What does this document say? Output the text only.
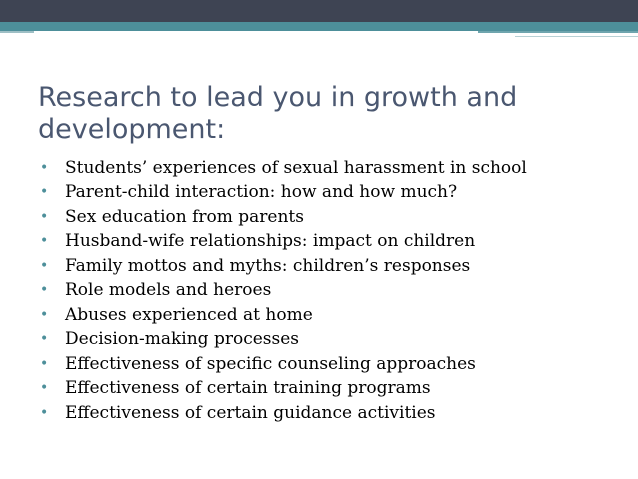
Research to lead you in growth and development:
• Students’ experiences of sexual harassment in school
• Parent-child interaction: how and how much?
• Sex education from parents
• Husband-wife relationships: impact on children
• Family mottos and myths: children’s responses
• Role models and heroes
• Abuses experienced at home
• Decision-making processes
• Effectiveness of specific counseling approaches
• Effectiveness of certain training programs
• Effectiveness of certain guidance activities
